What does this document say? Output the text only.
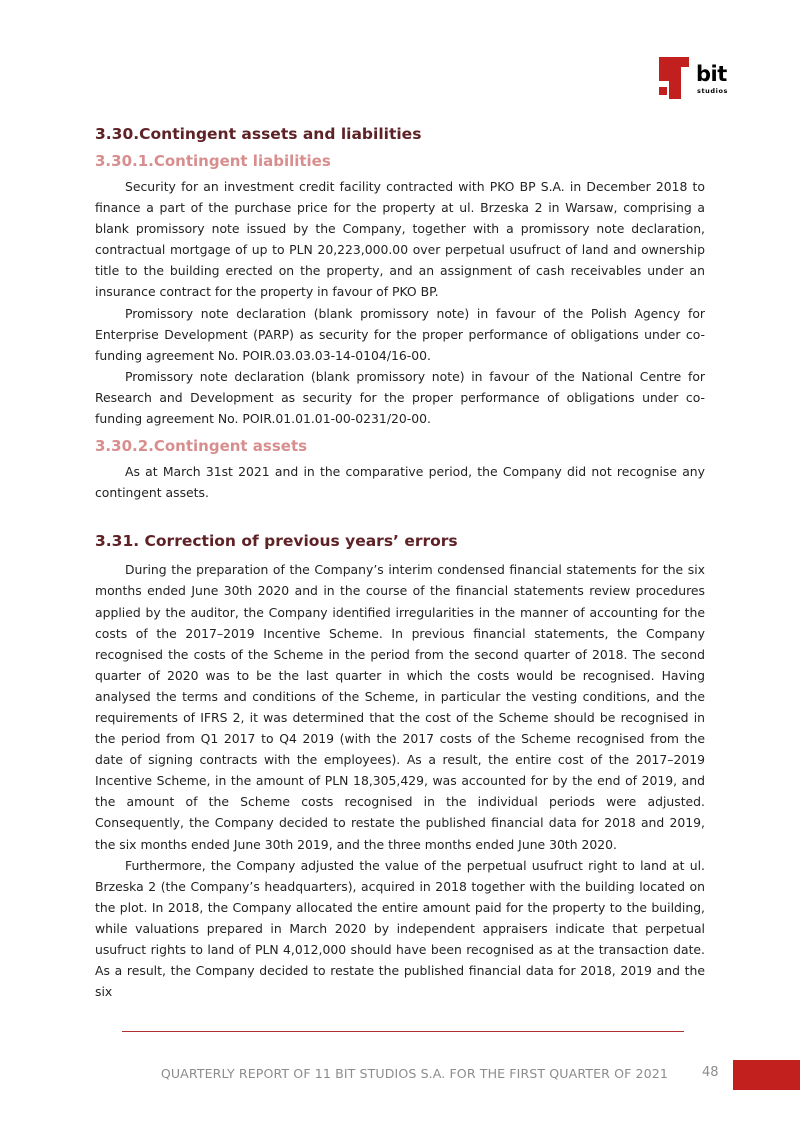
bit
studios
3.30.Contingent assets and liabilities
3.30.1.Contingent liabilities

Security for an investment credit facility contracted with PKO BP S.A. in December 2018 to finance a part of the purchase price for the property at ul. Brzeska 2 in Warsaw, comprising a blank promissory note issued by the Company, together with a promissory note declaration, contractual mortgage of up to PLN 20,223,000.00 over perpetual usufruct of land and ownership title to the building erected on the property, and an assignment of cash receivables under an insurance contract for the property in favour of PKO BP.

Promissory note declaration (blank promissory note) in favour of the Polish Agency for Enterprise Development (PARP) as security for the proper performance of obligations under co-funding agreement No. POIR.03.03.03-14-0104/16-00.

Promissory note declaration (blank promissory note) in favour of the National Centre for Research and Development as security for the proper performance of obligations under co-funding agreement No. POIR.01.01.01-00-0231/20-00.

3.30.2.Contingent assets

As at March 31st 2021 and in the comparative period, the Company did not recognise any contingent assets.

3.31. Correction of previous years’ errors

During the preparation of the Company’s interim condensed financial statements for the six months ended June 30th 2020 and in the course of the financial statements review procedures applied by the auditor, the Company identified irregularities in the manner of accounting for the costs of the 2017–2019 Incentive Scheme. In previous financial statements, the Company recognised the costs of the Scheme in the period from the second quarter of 2018. The second quarter of 2020 was to be the last quarter in which the costs would be recognised. Having analysed the terms and conditions of the Scheme, in particular the vesting conditions, and the requirements of IFRS 2, it was determined that the cost of the Scheme should be recognised in the period from Q1 2017 to Q4 2019 (with the 2017 costs of the Scheme recognised from the date of signing contracts with the employees). As a result, the entire cost of the 2017–2019 Incentive Scheme, in the amount of PLN 18,305,429, was accounted for by the end of 2019, and the amount of the Scheme costs recognised in the individual periods were adjusted. Consequently, the Company decided to restate the published financial data for 2018 and 2019, the six months ended June 30th 2019, and the three months ended June 30th 2020.

Furthermore, the Company adjusted the value of the perpetual usufruct right to land at ul. Brzeska 2 (the Company’s headquarters), acquired in 2018 together with the building located on the plot. In 2018, the Company allocated the entire amount paid for the property to the building, while valuations prepared in March 2020 by independent appraisers indicate that perpetual usufruct rights to land of PLN 4,012,000 should have been recognised as at the transaction date. As a result, the Company decided to restate the published financial data for 2018, 2019 and the six

QUARTERLY REPORT OF 11 BIT STUDIOS S.A. FOR THE FIRST QUARTER OF 2021	48
